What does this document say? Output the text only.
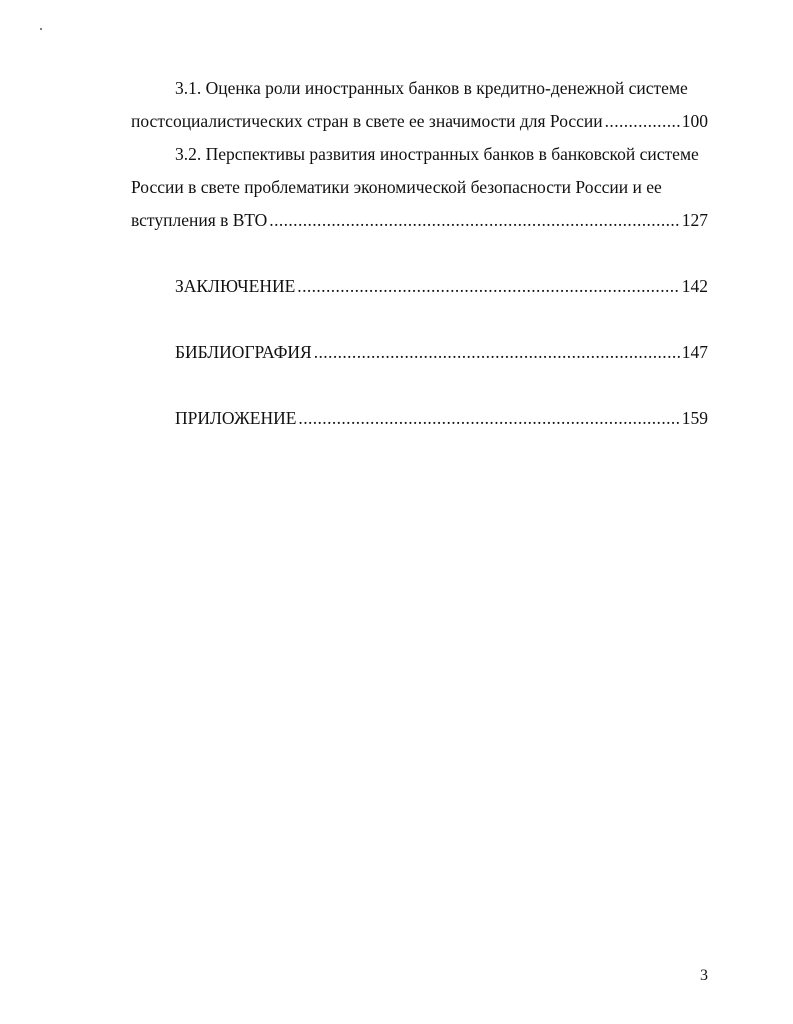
3.1. Оценка роли иностранных банков в кредитно-денежной системе
постсоциалистических стран в свете ее значимости для России .....	100
3.2. Перспективы развития иностранных банков в банковской системе
России в свете проблематики экономической безопасности России и ее
вступления в ВТО .....	127
ЗАКЛЮЧЕНИЕ .....	142
БИБЛИОГРАФИЯ .....	147
ПРИЛОЖЕНИЕ .....	159
3
